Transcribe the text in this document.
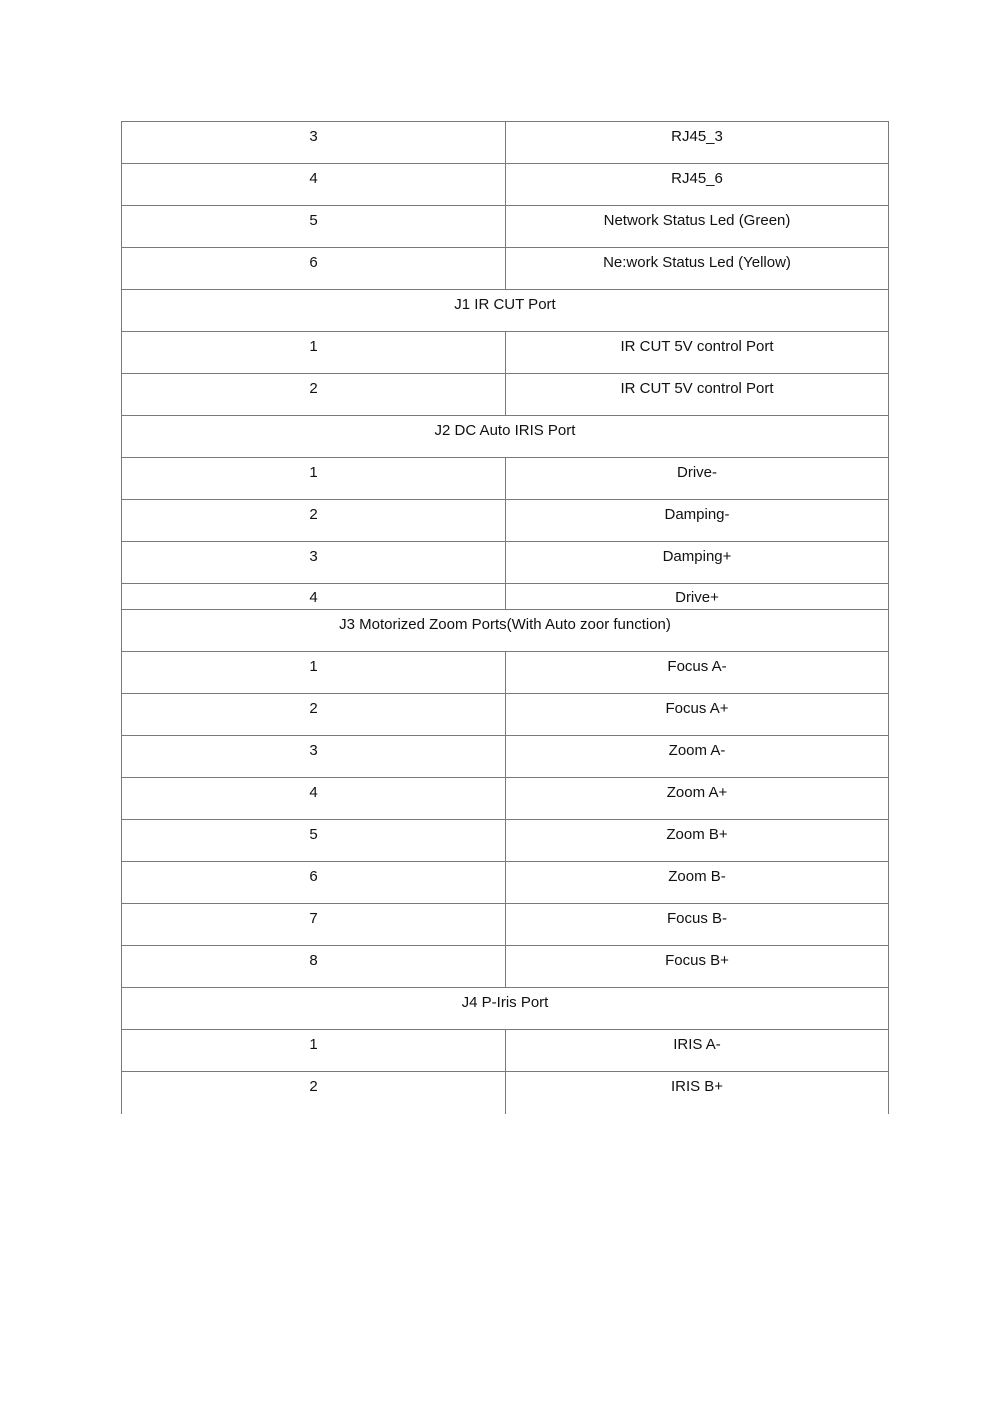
3	RJ45_3
4	RJ45_6
5	Network Status Led (Green)
6	Ne:work Status Led (Yellow)
J1 IR CUT Port	
1	IR CUT 5V control Port
2	IR CUT 5V control Port
J2 DC Auto IRIS Port	
1	Drive-
2	Damping-
3	Damping+
4	Drive+
J3 Motorized Zoom Ports(With Auto zoor function)	
1	Focus A-
2	Focus A+
3	Zoom A-
4	Zoom A+
5	Zoom B+
6	Zoom B-
7	Focus B-
8	Focus B+
J4 P-Iris Port	
1	IRIS A-
2	IRIS B+
